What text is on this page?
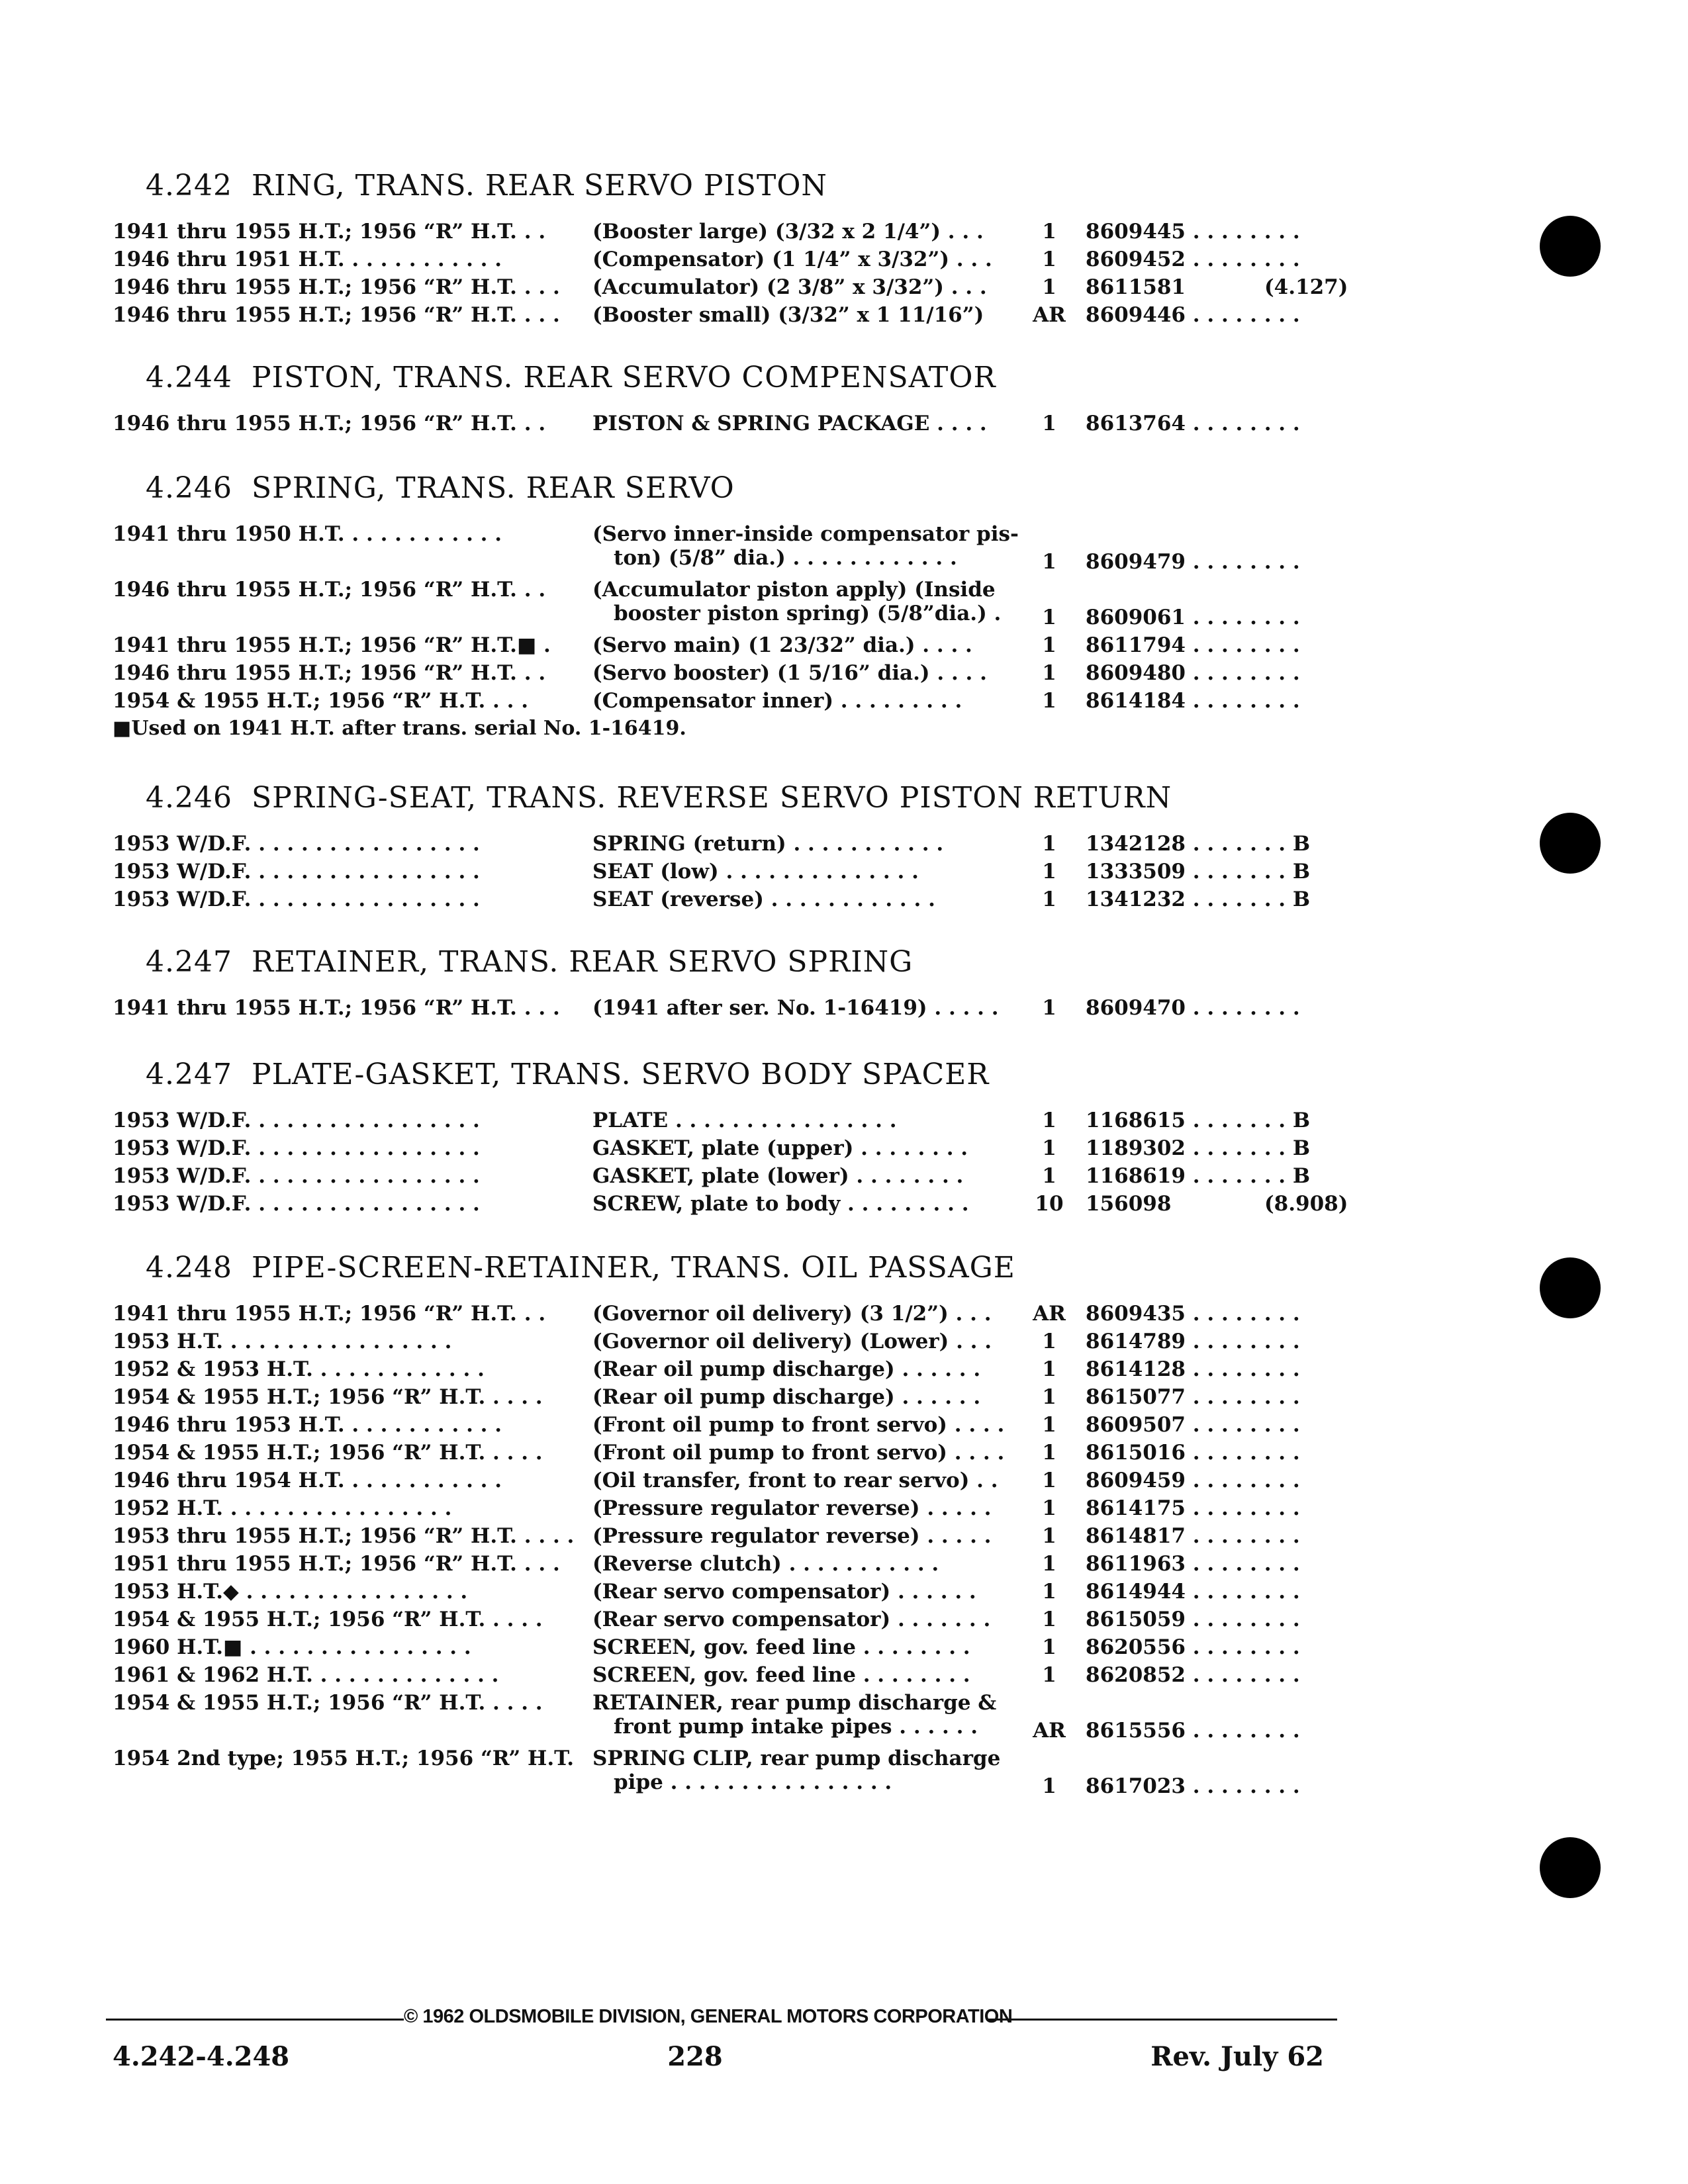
4.242 RING, TRANS. REAR SERVO PISTON
1941 thru 1955 H.T.; 1956 “R” H.T. . .	(Booster large) (3/32 x 2 1/4”) . . .	1	8609445 . . . . . . . .
1946 thru 1951 H.T. . . . . . . . . . . .	(Compensator) (1 1/4” x 3/32”) . . .	1	8609452 . . . . . . . .
1946 thru 1955 H.T.; 1956 “R” H.T. . . .	(Accumulator) (2 3/8” x 3/32”) . . .	1	8611581	(4.127)
1946 thru 1955 H.T.; 1956 “R” H.T. . . .	(Booster small) (3/32” x 1 11/16”)	AR 8609446 . . . . . . . .
4.244 PISTON, TRANS. REAR SERVO COMPENSATOR
1946 thru 1955 H.T.; 1956 “R” H.T. . .	PISTON & SPRING PACKAGE . . . .	1	8613764 . . . . . . . .
4.246 SPRING, TRANS. REAR SERVO
1941 thru 1950 H.T. . . . . . . . . . . .	(Servo inner-inside compensator pis-
ton) (5/8” dia.) . . . . . . . . . . . .	1	8609479 . . . . . . . .
1946 thru 1955 H.T.; 1956 “R” H.T. . .	(Accumulator piston apply) (Inside
booster piston spring) (5/8”dia.) .	1	8609061 . . . . . . . .
1941 thru 1955 H.T.; 1956 “R” H.T.■ .	(Servo main) (1 23/32” dia.) . . . .	1	8611794 . . . . . . . .
1946 thru 1955 H.T.; 1956 “R” H.T. . .	(Servo booster) (1 5/16” dia.) . . . .	1	8609480 . . . . . . . .
1954 & 1955 H.T.; 1956 “R” H.T. . . .	(Compensator inner) . . . . . . . . .	1	8614184 . . . . . . . .
■Used on 1941 H.T. after trans. serial No. 1-16419.
4.246 SPRING-SEAT, TRANS. REVERSE SERVO PISTON RETURN
1953 W/D.F. . . . . . . . . . . . . . . . .	SPRING (return) . . . . . . . . . . .	1	1342128 . . . . . . . B
1953 W/D.F. . . . . . . . . . . . . . . . .	SEAT (low) . . . . . . . . . . . . . .	1	1333509 . . . . . . . B
1953 W/D.F. . . . . . . . . . . . . . . . .	SEAT (reverse) . . . . . . . . . . . .	1	1341232 . . . . . . . B
4.247 RETAINER, TRANS. REAR SERVO SPRING
1941 thru 1955 H.T.; 1956 “R” H.T. . . .	(1941 after ser. No. 1-16419) . . . . .	1	8609470 . . . . . . . .
4.247 PLATE-GASKET, TRANS. SERVO BODY SPACER
1953 W/D.F. . . . . . . . . . . . . . . . .	PLATE . . . . . . . . . . . . . . . .	1	1168615 . . . . . . . B
1953 W/D.F. . . . . . . . . . . . . . . . .	GASKET, plate (upper) . . . . . . . .	1	1189302 . . . . . . . B
1953 W/D.F. . . . . . . . . . . . . . . . .	GASKET, plate (lower) . . . . . . . .	1	1168619 . . . . . . . B
1953 W/D.F. . . . . . . . . . . . . . . . .	SCREW, plate to body . . . . . . . . .	10	156098	(8.908)
4.248 PIPE-SCREEN-RETAINER, TRANS. OIL PASSAGE
1941 thru 1955 H.T.; 1956 “R” H.T. . .	(Governor oil delivery) (3 1/2”) . . .	AR 8609435 . . . . . . . .
1953 H.T. . . . . . . . . . . . . . . . .	(Governor oil delivery) (Lower) . . .	1	8614789 . . . . . . . .
1952 & 1953 H.T. . . . . . . . . . . . .	(Rear oil pump discharge) . . . . . .	1	8614128 . . . . . . . .
1954 & 1955 H.T.; 1956 “R” H.T. . . . .	(Rear oil pump discharge) . . . . . .	1	8615077 . . . . . . . .
1946 thru 1953 H.T. . . . . . . . . . . .	(Front oil pump to front servo) . . . .	1	8609507 . . . . . . . .
1954 & 1955 H.T.; 1956 “R” H.T. . . . .	(Front oil pump to front servo) . . . .	1	8615016 . . . . . . . .
1946 thru 1954 H.T. . . . . . . . . . . .	(Oil transfer, front to rear servo) . .	1	8609459 . . . . . . . .
1952 H.T. . . . . . . . . . . . . . . . .	(Pressure regulator reverse) . . . . .	1	8614175 . . . . . . . .
1953 thru 1955 H.T.; 1956 “R” H.T. . . . . (Pressure regulator reverse) . . . . .	1	8614817 . . . . . . . .
1951 thru 1955 H.T.; 1956 “R” H.T. . . .	(Reverse clutch) . . . . . . . . . . .	1	8611963 . . . . . . . .
1953 H.T.◆ . . . . . . . . . . . . . . . .	(Rear servo compensator) . . . . . .	1	8614944 . . . . . . . .
1954 & 1955 H.T.; 1956 “R” H.T. . . . .	(Rear servo compensator) . . . . . . .	1	8615059 . . . . . . . .
1960 H.T.■ . . . . . . . . . . . . . . . .	SCREEN, gov. feed line . . . . . . . .	1	8620556 . . . . . . . .
1961 & 1962 H.T. . . . . . . . . . . . . .	SCREEN, gov. feed line . . . . . . . .	1	8620852 . . . . . . . .
1954 & 1955 H.T.; 1956 “R” H.T. . . . .	RETAINER, rear pump discharge &
front pump intake pipes . . . . . .	AR 8615556 . . . . . . . .
1954 2nd type; 1955 H.T.; 1956 “R” H.T. SPRING CLIP, rear pump discharge
pipe . . . . . . . . . . . . . . . .	1	8617023 . . . . . . . .
© 1962 OLDSMOBILE DIVISION, GENERAL MOTORS CORPORATION
4.242-4.248	228	Rev. July 62
